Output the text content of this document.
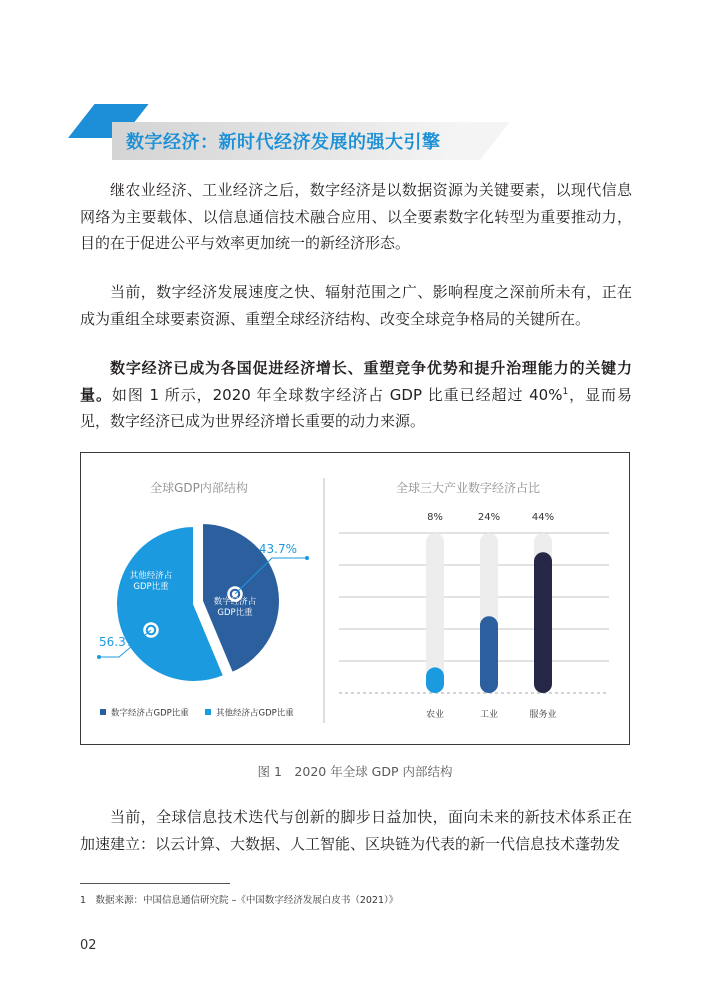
数字经济：新时代经济发展的强大引擎

继农业经济、工业经济之后，数字经济是以数据资源为关键要素，以现代信息网络为主要载体、以信息通信技术融合应用、以全要素数字化转型为重要推动力，目的在于促进公平与效率更加统一的新经济形态。

当前，数字经济发展速度之快、辐射范围之广、影响程度之深前所未有，正在成为重组全球要素资源、重塑全球经济结构、改变全球竞争格局的关键所在。

数字经济已成为各国促进经济增长、重塑竞争优势和提升治理能力的关键力量。如图 1 所示，2020 年全球数字经济占 GDP 比重已经超过 40%$^1$，显而易见，数字经济已成为世界经济增长重要的动力来源。

全球GDP内部结构
数字经济占 GDP比重
43.7%
其他经济占 GDP比重
56.3%
数字经济占GDP比重	其他经济占GDP比重
全球三大产业数字经济占比
8%
农业
24%
工业
44%
服务业
图 1　2020 年全球 GDP 内部结构

当前，全球信息技术迭代与创新的脚步日益加快，面向未来的新技术体系正在加速建立：以云计算、大数据、人工智能、区块链为代表的新一代信息技术蓬勃发

1　数据来源：中国信息通信研究院 –《中国数字经济发展白皮书（2021）》
02
